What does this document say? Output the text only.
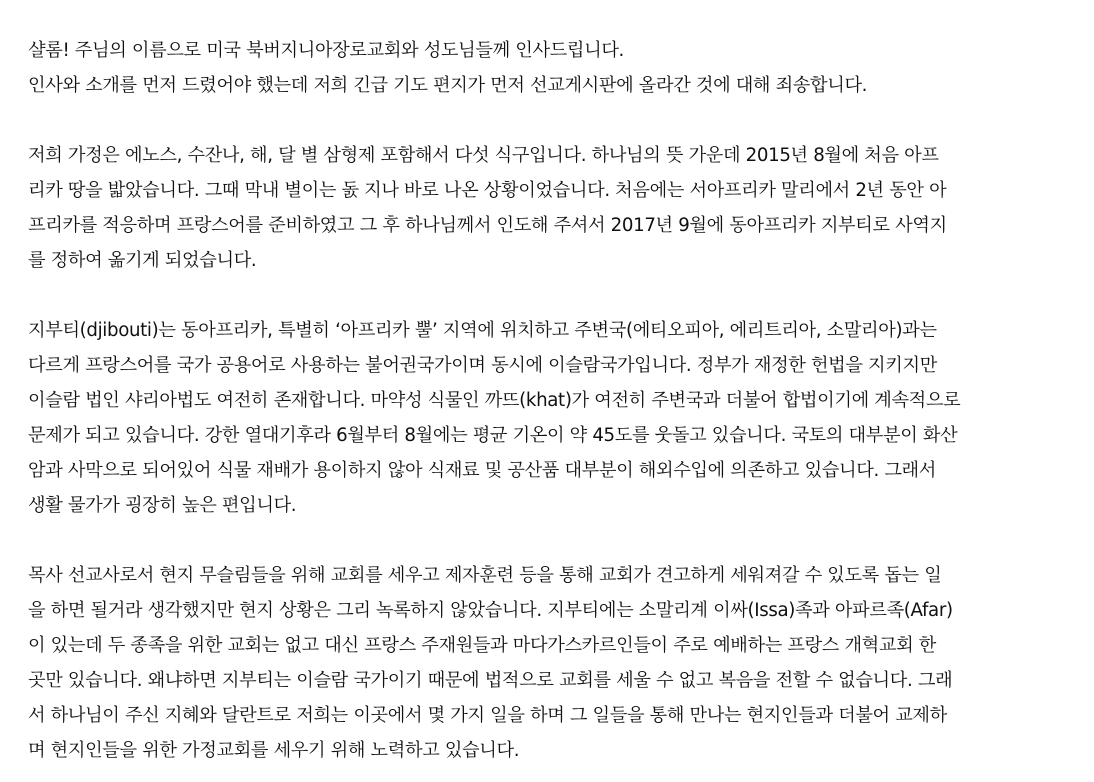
샬롬! 주님의 이름으로 미국 북버지니아장로교회와 성도님들께 인사드립니다.
인사와 소개를 먼저 드렸어야 했는데 저희 긴급 기도 편지가 먼저 선교게시판에 올라간 것에 대해 죄송합니다.
저희 가정은 에노스, 수잔나, 해, 달 별 삼형제 포함해서 다섯 식구입니다. 하나님의 뜻 가운데 2015년 8월에 처음 아프
리카 땅을 밟았습니다. 그때 막내 별이는 돐 지나 바로 나온 상황이었습니다. 처음에는 서아프리카 말리에서 2년 동안 아
프리카를 적응하며 프랑스어를 준비하였고 그 후 하나님께서 인도해 주셔서 2017년 9월에 동아프리카 지부티로 사역지
를 정하여 옮기게 되었습니다.
지부티(djibouti)는 동아프리카, 특별히 ‘아프리카 뿔’ 지역에 위치하고 주변국(에티오피아, 에리트리아, 소말리아)과는
다르게 프랑스어를 국가 공용어로 사용하는 불어권국가이며 동시에 이슬람국가입니다. 정부가 재정한 헌법을 지키지만
이슬람 법인 샤리아법도 여전히 존재합니다. 마약성 식물인 까뜨(khat)가 여전히 주변국과 더불어 합법이기에 계속적으로
문제가 되고 있습니다. 강한 열대기후라 6월부터 8월에는 평균 기온이 약 45도를 웃돌고 있습니다. 국토의 대부분이 화산
암과 사막으로 되어있어 식물 재배가 용이하지 않아 식재료 및 공산품 대부분이 해외수입에 의존하고 있습니다. 그래서
생활 물가가 굉장히 높은 편입니다.
목사 선교사로서 현지 무슬림들을 위해 교회를 세우고 제자훈련 등을 통해 교회가 견고하게 세워져갈 수 있도록 돕는 일
을 하면 될거라 생각했지만 현지 상황은 그리 녹록하지 않았습니다. 지부티에는 소말리계 이싸(Issa)족과 아파르족(Afar)
이 있는데 두 종족을 위한 교회는 없고 대신 프랑스 주재원들과 마다가스카르인들이 주로 예배하는 프랑스 개혁교회 한
곳만 있습니다. 왜냐하면 지부티는 이슬람 국가이기 때문에 법적으로 교회를 세울 수 없고 복음을 전할 수 없습니다. 그래
서 하나님이 주신 지혜와 달란트로 저희는 이곳에서 몇 가지 일을 하며 그 일들을 통해 만나는 현지인들과 더불어 교제하
며 현지인들을 위한 가정교회를 세우기 위해 노력하고 있습니다.
